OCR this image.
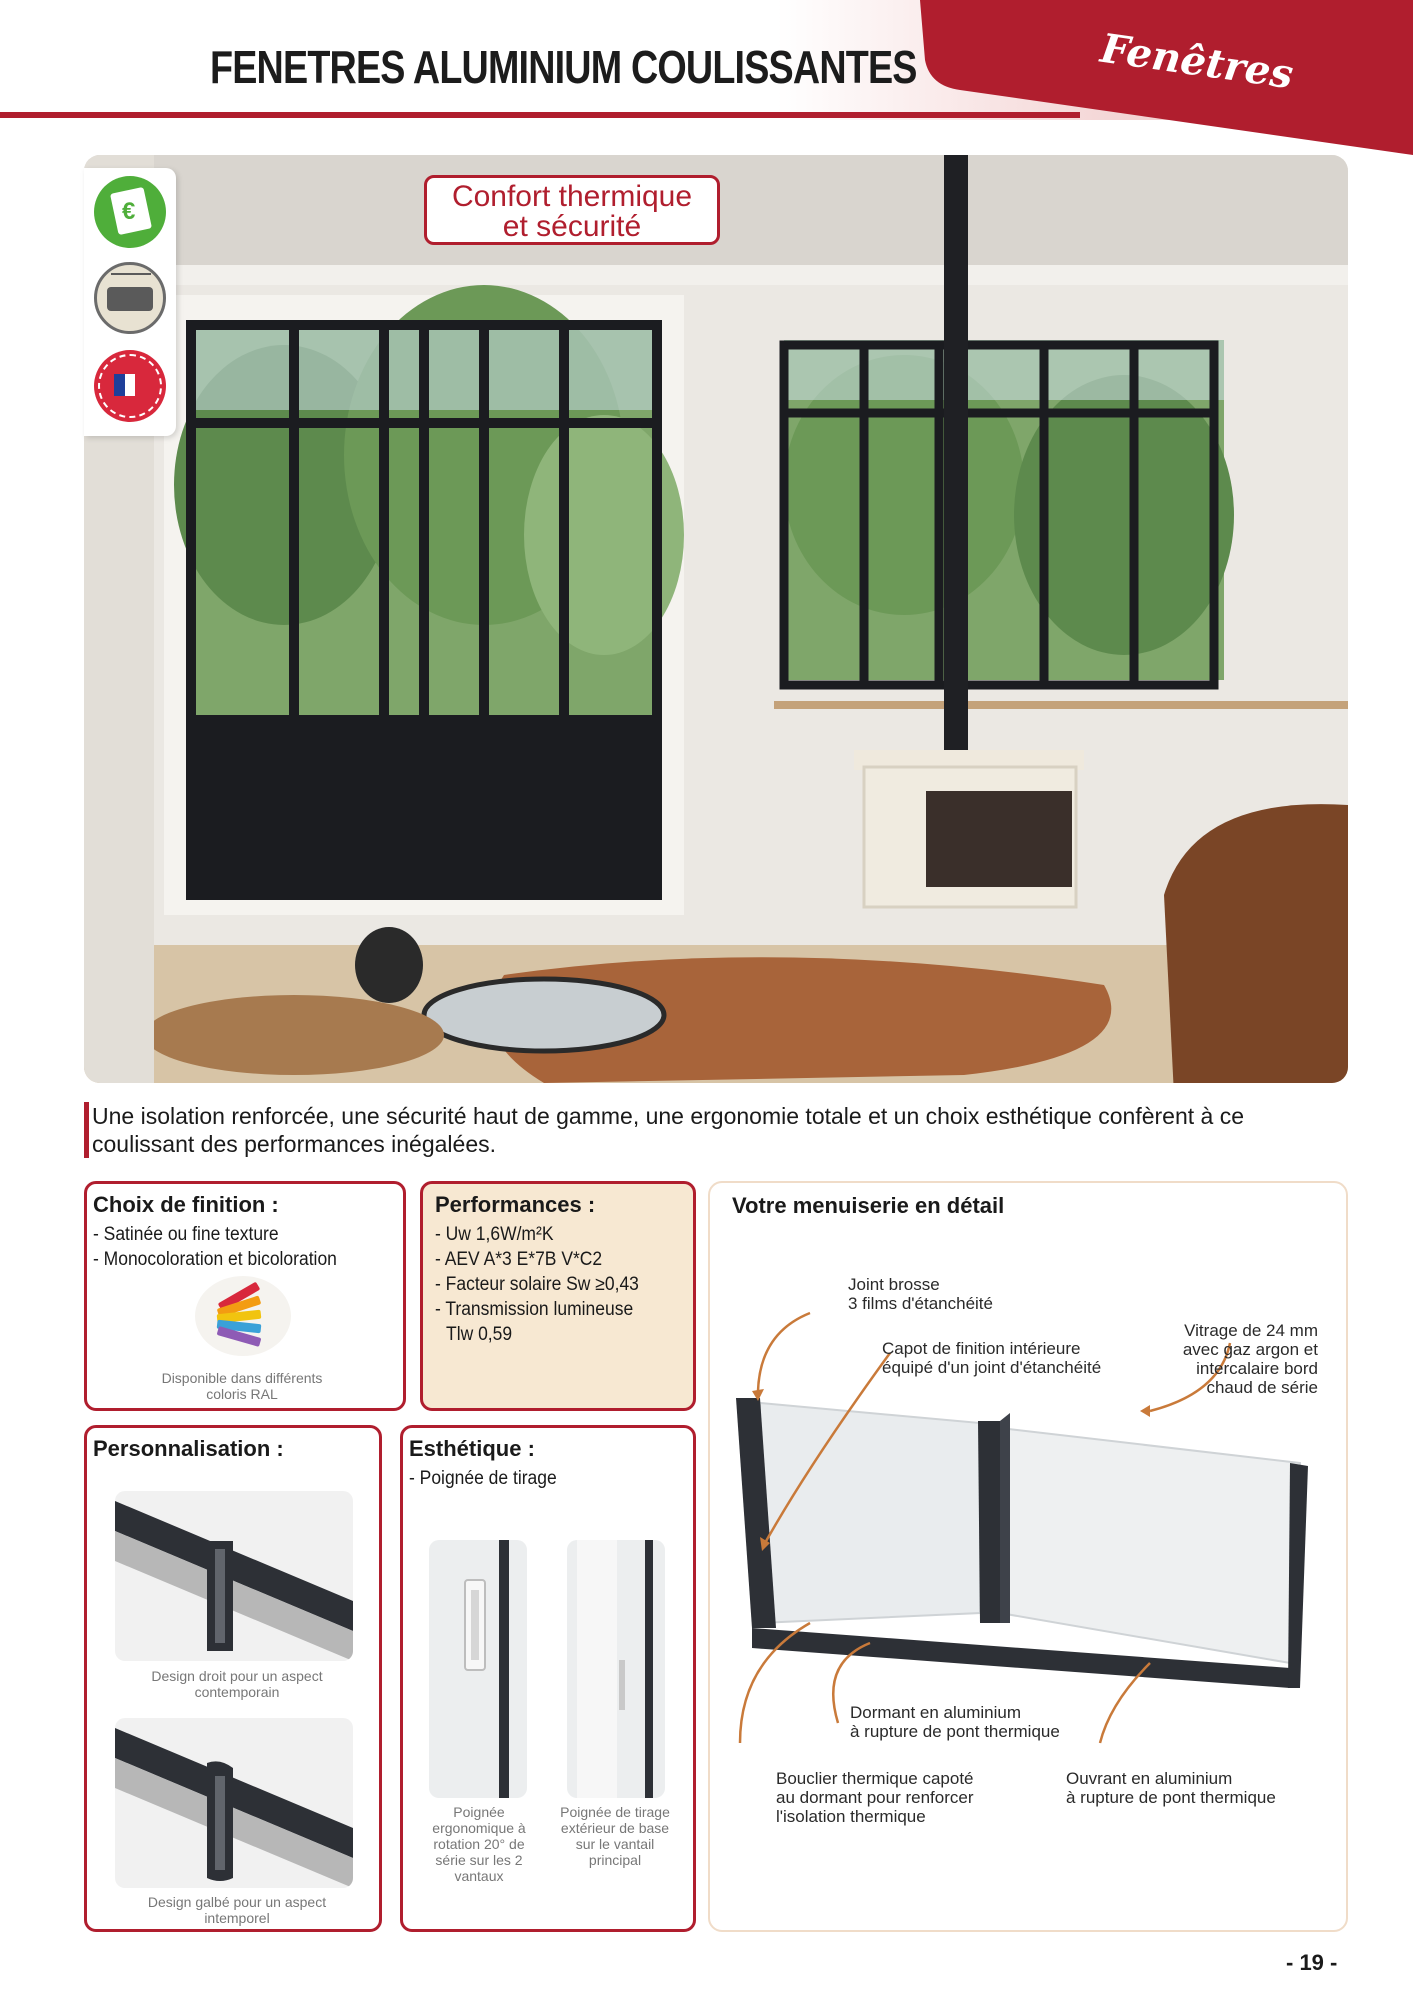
FENETRES ALUMINIUM COULISSANTES	Fenêtres
€	Confort thermique
et sécurité
Une isolation renforcée, une sécurité haut de gamme, une ergonomie totale et un choix esthétique confèrent à ce coulissant des performances inégalées.
Choix de finition :
- Satinée ou fine texture
- Monocoloration et bicoloration
Disponible dans différents coloris RAL
Performances :
- Uw 1,6W/m²K
- AEV A*3 E*7B V*C2
- Facteur solaire Sw ≥0,43
- Transmission lumineuse
Tlw 0,59
Personnalisation :
Design droit pour un aspect contemporain
Design galbé pour un aspect intemporel
Esthétique :
- Poignée de tirage
Poignée ergonomique à rotation 20° de série sur les 2 vantaux
Poignée de tirage extérieur de base sur le vantail principal
Votre menuiserie en détail
Joint brosse
3 films d'étanchéité
Capot de finition intérieure
équipé d'un joint d'étanchéité
Vitrage de 24 mm
avec gaz argon et
intercalaire bord
chaud de série
Dormant en aluminium
à rupture de pont thermique
Bouclier thermique capoté
au dormant pour renforcer
l'isolation thermique
Ouvrant en aluminium
à rupture de pont thermique
- 19 -
